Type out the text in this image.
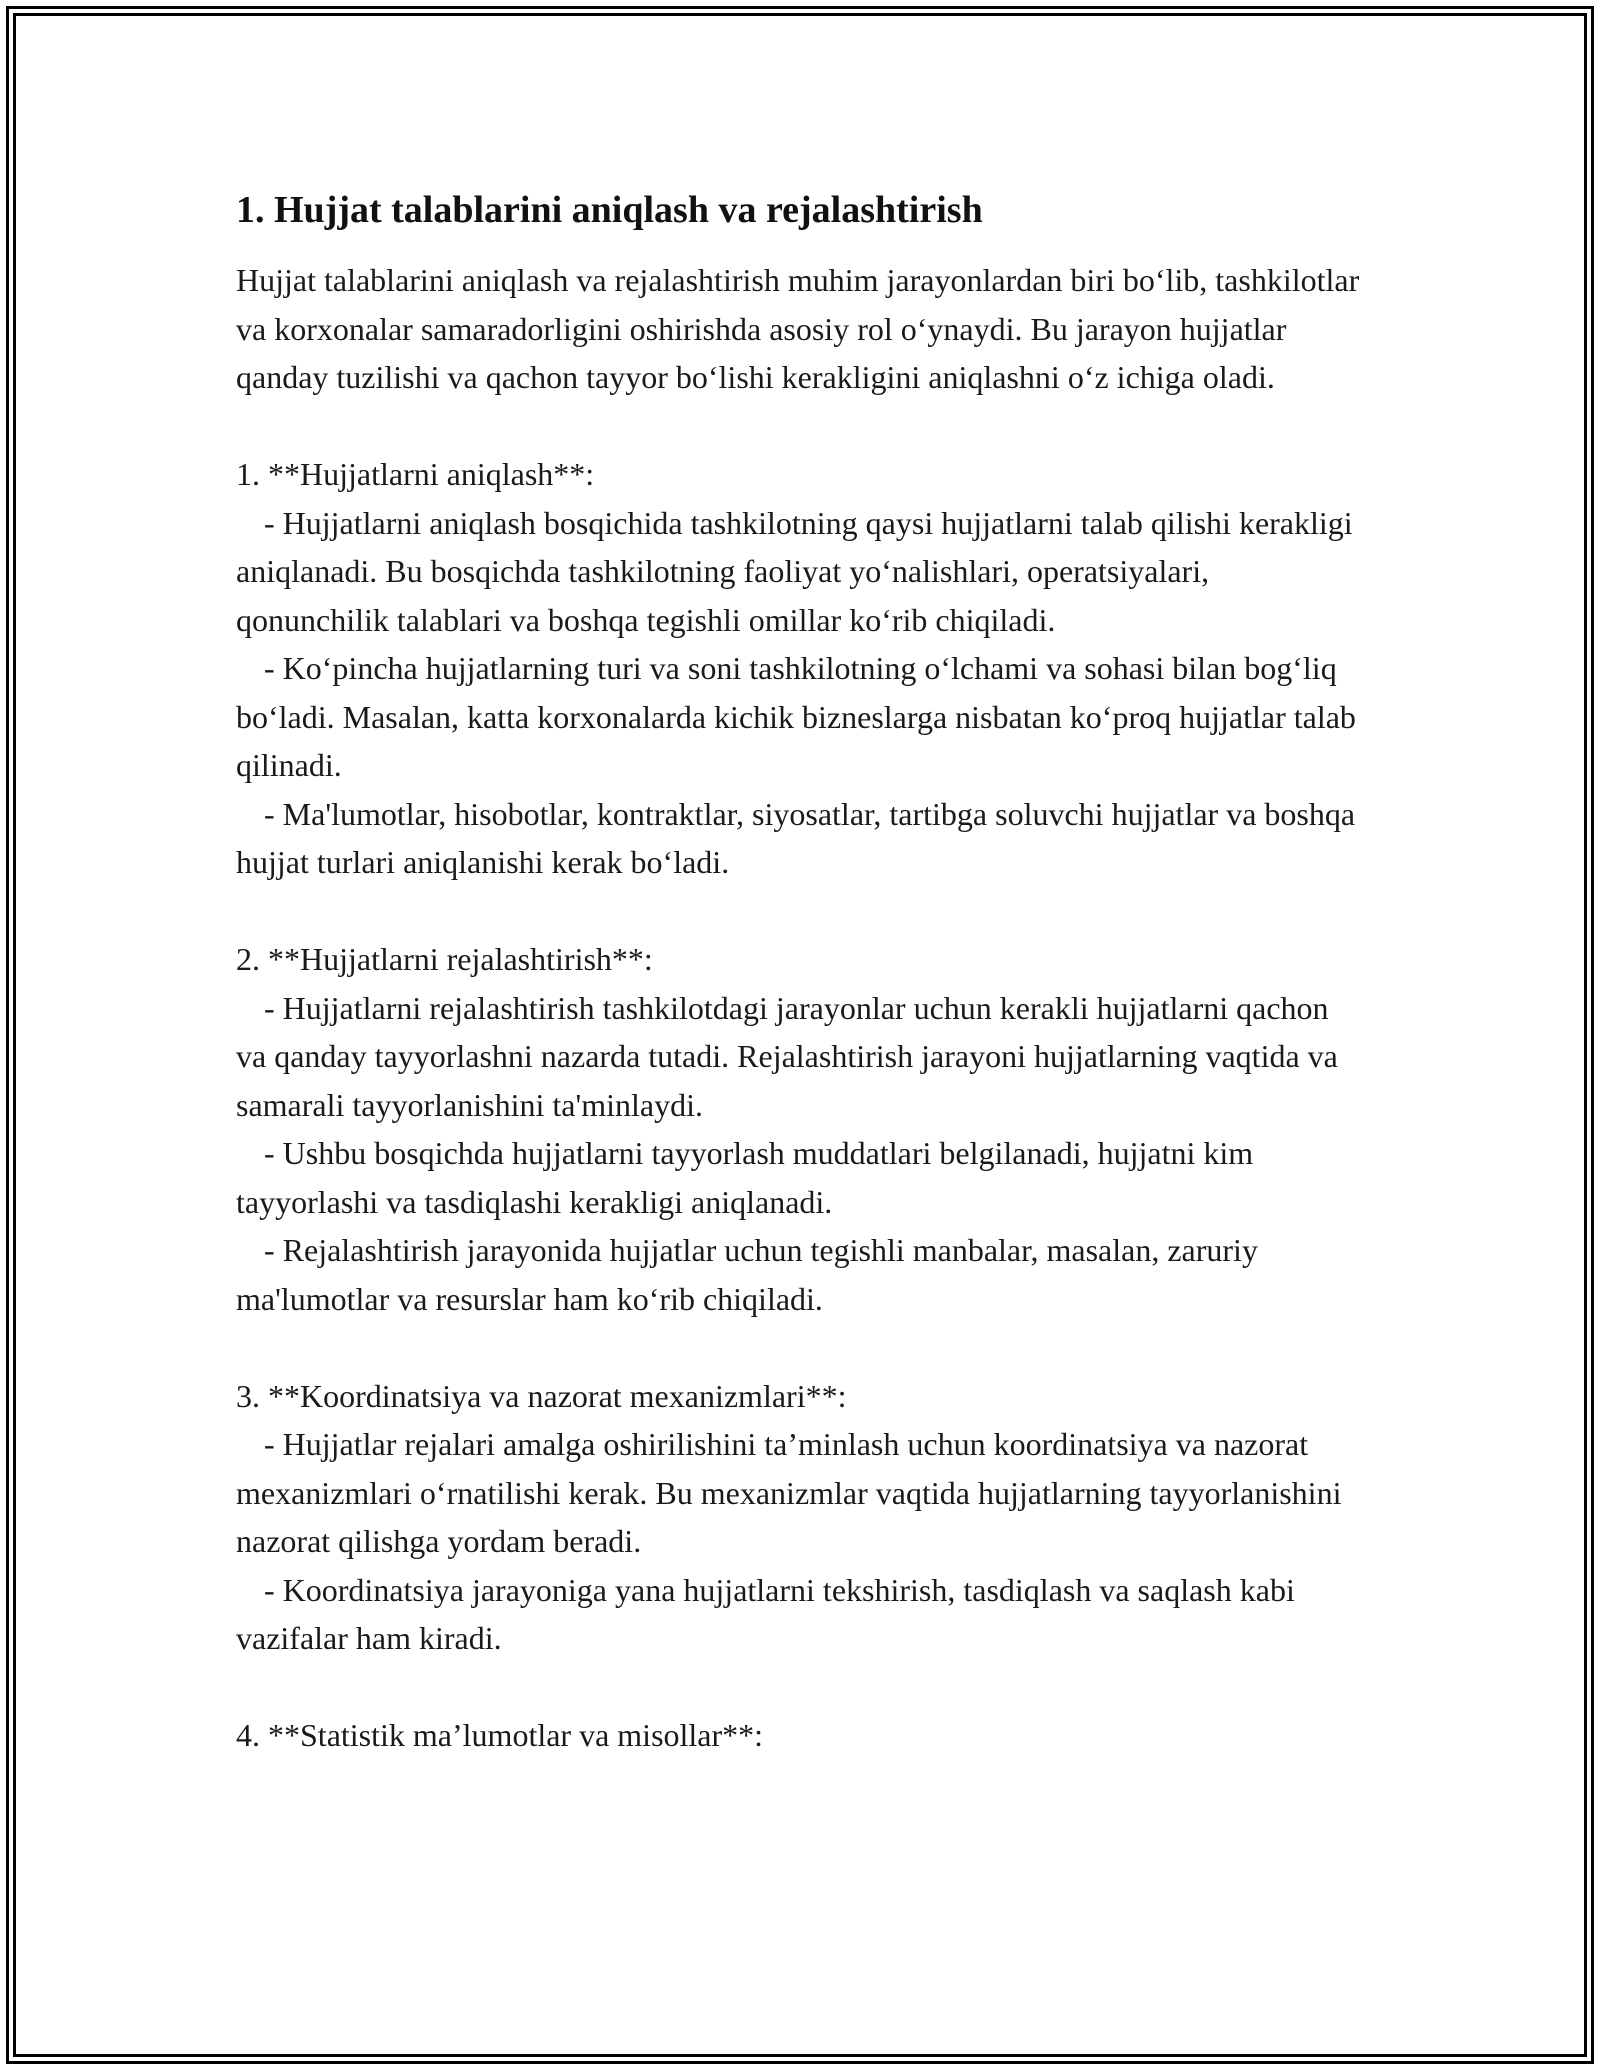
1. Hujjat talablarini aniqlash va rejalashtirish

Hujjat talablarini aniqlash va rejalashtirish muhim jarayonlardan biri bo‘lib, tashkilotlar va korxonalar samaradorligini oshirishda asosiy rol o‘ynaydi. Bu jarayon hujjatlar qanday tuzilishi va qachon tayyor bo‘lishi kerakligini aniqlashni o‘z ichiga oladi.

1. **Hujjatlarni aniqlash**:

- Hujjatlarni aniqlash bosqichida tashkilotning qaysi hujjatlarni talab qilishi kerakligi aniqlanadi. Bu bosqichda tashkilotning faoliyat yo‘nalishlari, operatsiyalari, qonunchilik talablari va boshqa tegishli omillar ko‘rib chiqiladi.

- Ko‘pincha hujjatlarning turi va soni tashkilotning o‘lchami va sohasi bilan bog‘liq bo‘ladi. Masalan, katta korxonalarda kichik bizneslarga nisbatan ko‘proq hujjatlar talab qilinadi.

- Ma'lumotlar, hisobotlar, kontraktlar, siyosatlar, tartibga soluvchi hujjatlar va boshqa hujjat turlari aniqlanishi kerak bo‘ladi.

2. **Hujjatlarni rejalashtirish**:

- Hujjatlarni rejalashtirish tashkilotdagi jarayonlar uchun kerakli hujjatlarni qachon va qanday tayyorlashni nazarda tutadi. Rejalashtirish jarayoni hujjatlarning vaqtida va samarali tayyorlanishini ta'minlaydi.

- Ushbu bosqichda hujjatlarni tayyorlash muddatlari belgilanadi, hujjatni kim tayyorlashi va tasdiqlashi kerakligi aniqlanadi.

- Rejalashtirish jarayonida hujjatlar uchun tegishli manbalar, masalan, zaruriy ma'lumotlar va resurslar ham ko‘rib chiqiladi.

3. **Koordinatsiya va nazorat mexanizmlari**:

- Hujjatlar rejalari amalga oshirilishini ta’minlash uchun koordinatsiya va nazorat mexanizmlari o‘rnatilishi kerak. Bu mexanizmlar vaqtida hujjatlarning tayyorlanishini nazorat qilishga yordam beradi.

- Koordinatsiya jarayoniga yana hujjatlarni tekshirish, tasdiqlash va saqlash kabi vazifalar ham kiradi.

4. **Statistik ma’lumotlar va misollar**:
